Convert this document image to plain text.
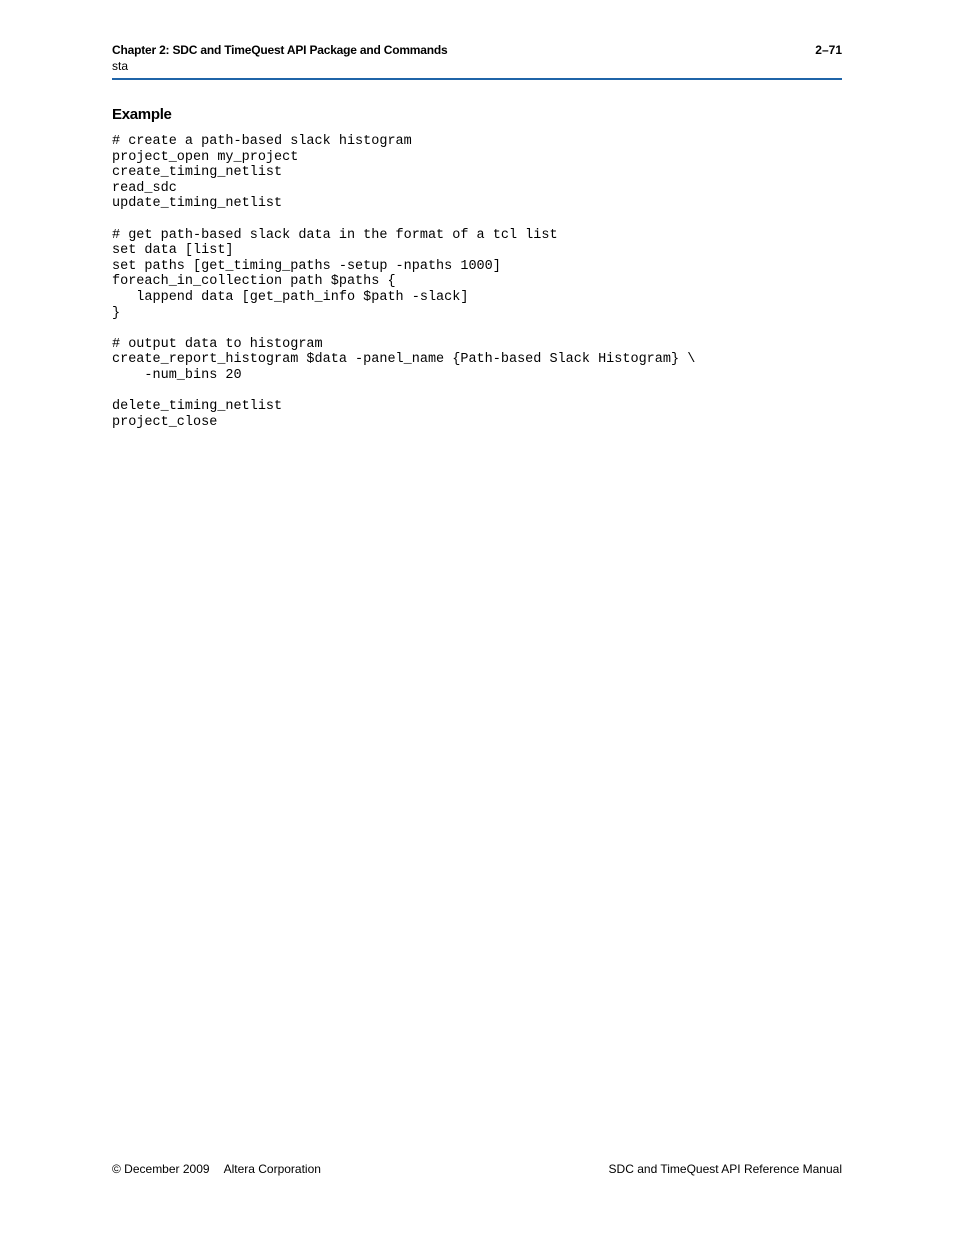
Chapter 2: SDC and TimeQuest API Package and Commands	2–71
sta
Example
# create a path-based slack histogram
project_open my_project
create_timing_netlist
read_sdc
update_timing_netlist
# get path-based slack data in the format of a tcl list
set data [list]
set paths [get_timing_paths -setup -npaths 1000]
foreach_in_collection path $paths {
lappend data [get_path_info $path -slack]
}
# output data to histogram
create_report_histogram $data -panel_name {Path-based Slack Histogram} \
-num_bins 20
delete_timing_netlist
project_close
© December 2009 Altera Corporation	SDC and TimeQuest API Reference Manual
